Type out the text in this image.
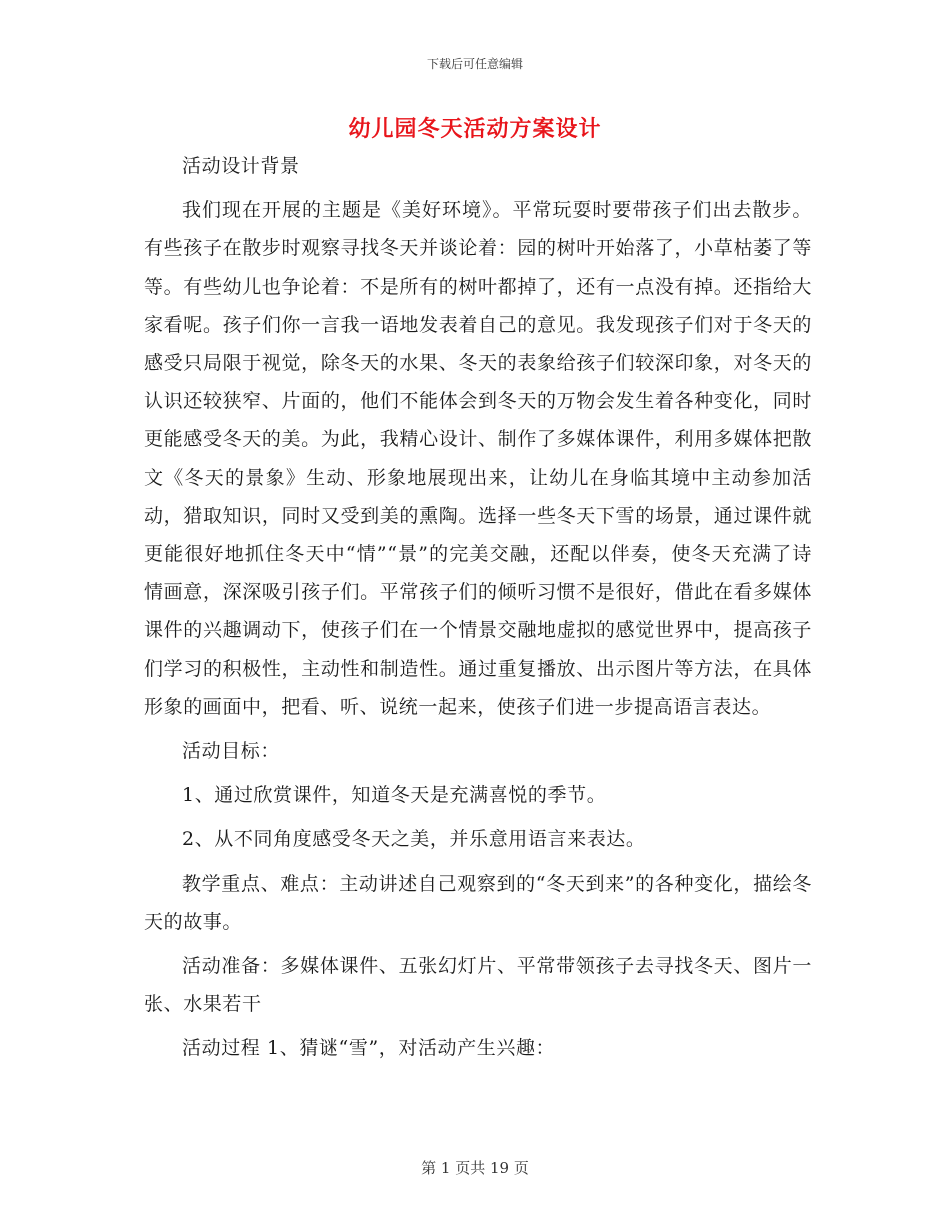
下载后可任意编辑
幼儿园冬天活动方案设计

活动设计背景

我们现在开展的主题是《美好环境》。平常玩耍时要带孩子们出去散步。有些孩子在散步时观察寻找冬天并谈论着：园的树叶开始落了，小草枯萎了等等。有些幼儿也争论着：不是所有的树叶都掉了，还有一点没有掉。还指给大家看呢。孩子们你一言我一语地发表着自己的意见。我发现孩子们对于冬天的感受只局限于视觉，除冬天的水果、冬天的表象给孩子们较深印象，对冬天的认识还较狭窄、片面的，他们不能体会到冬天的万物会发生着各种变化，同时更能感受冬天的美。为此，我精心设计、制作了多媒体课件，利用多媒体把散文《冬天的景象》生动、形象地展现出来，让幼儿在身临其境中主动参加活动，猎取知识，同时又受到美的熏陶。选择一些冬天下雪的场景，通过课件就更能很好地抓住冬天中“情”“景”的完美交融，还配以伴奏，使冬天充满了诗情画意，深深吸引孩子们。平常孩子们的倾听习惯不是很好，借此在看多媒体课件的兴趣调动下，使孩子们在一个情景交融地虚拟的感觉世界中，提高孩子们学习的积极性，主动性和制造性。通过重复播放、出示图片等方法，在具体形象的画面中，把看、听、说统一起来，使孩子们进一步提高语言表达。

活动目标：

1、通过欣赏课件，知道冬天是充满喜悦的季节。

2、从不同角度感受冬天之美，并乐意用语言来表达。

教学重点、难点：主动讲述自己观察到的“冬天到来”的各种变化，描绘冬天的故事。

活动准备：多媒体课件、五张幻灯片、平常带领孩子去寻找冬天、图片一张、水果若干

活动过程 1、猜谜“雪”，对活动产生兴趣：

第 1 页共 19 页
